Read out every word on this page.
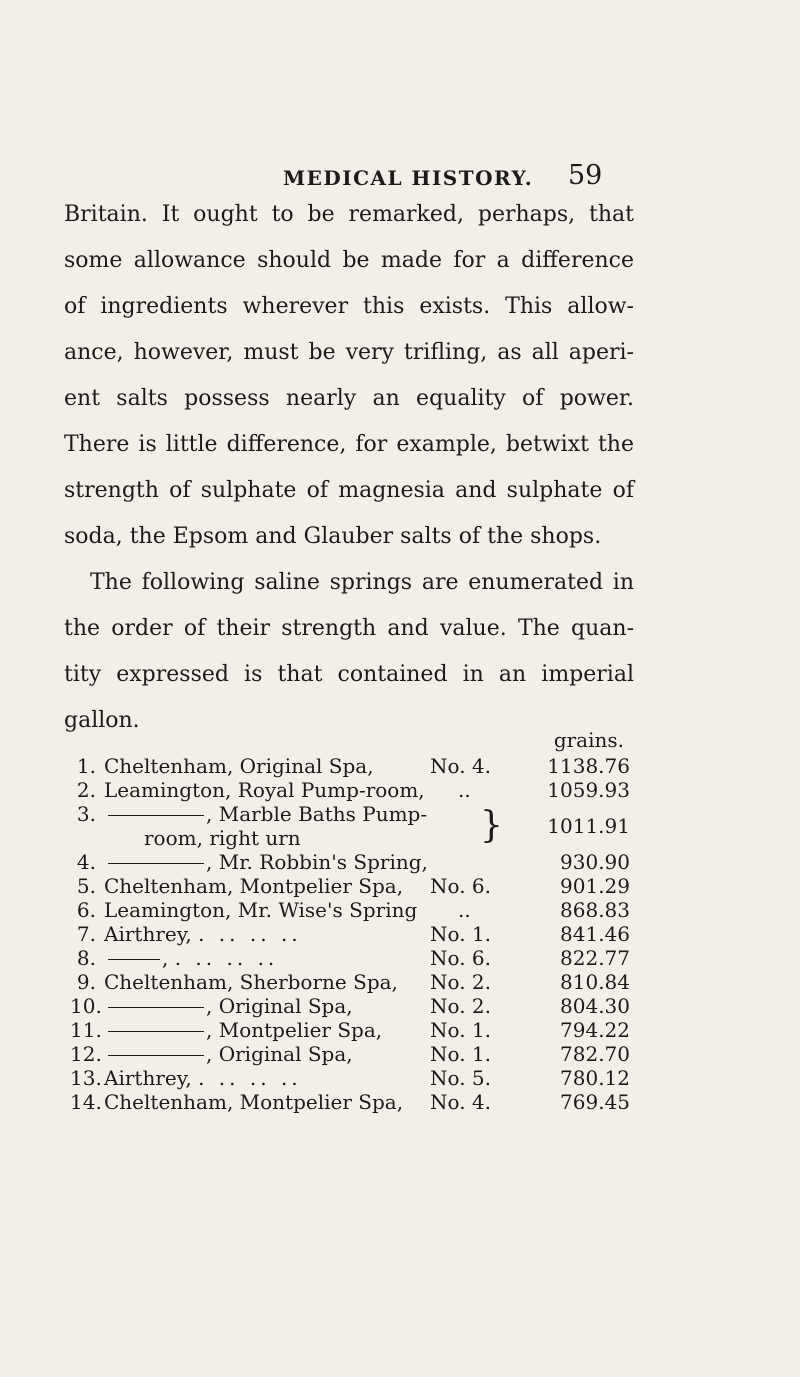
MEDICAL HISTORY. 59
Britain. It ought to be remarked, perhaps, that
some allowance should be made for a difference
of ingredients wherever this exists. This allow-
ance, however, must be very trifling, as all aperi-
ent salts possess nearly an equality of power.
There is little difference, for example, betwixt the
strength of sulphate of magnesia and sulphate of
soda, the Epsom and Glauber salts of the shops.
The following saline springs are enumerated in
the order of their strength and value. The quan-
tity expressed is that contained in an imperial
gallon.
grains.
1. Cheltenham, Original Spa,	No. 4.	1138.76
2. Leamington, Royal Pump-room, ..	1059.93
3.	, Marble Baths Pump-
room, right urn	} 1011.91
4.	, Mr. Robbin's Spring,	930.90
5. Cheltenham, Montpelier Spa, No. 6.	901.29
6. Leamington, Mr. Wise's Spring ..	868.83
7. Airthrey, . .. .. ..	No. 1.	841.46
8.	, . .. .. ..	No. 6.	822.77
9. Cheltenham, Sherborne Spa, No. 2.	810.84
10.	, Original Spa,	No. 2.	804.30
11.	, Montpelier Spa, No. 1.	794.22
12.	, Original Spa,	No. 1.	782.70
13. Airthrey, . .. .. ..	No. 5.	780.12
14. Cheltenham, Montpelier Spa, No. 4.	769.45
